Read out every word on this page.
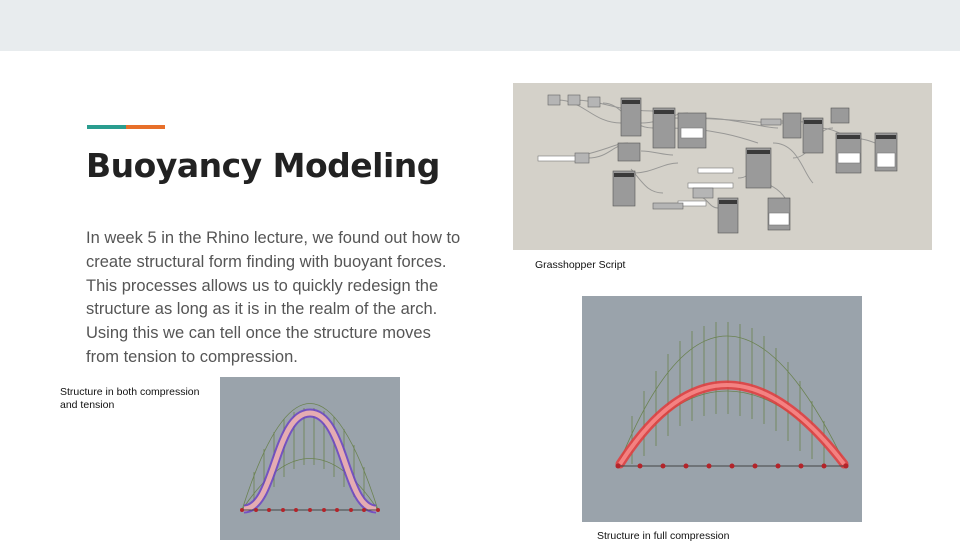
Buoyancy Modeling
In week 5 in the Rhino lecture, we found out how to
create structural form finding with buoyant forces.
This processes allows us to quickly redesign the
structure as long as it is in the realm of the arch.
Using this we can tell once the structure moves
from tension to compression.
Grasshopper Script
Structure in full compression
Structure in both compression
and tension
